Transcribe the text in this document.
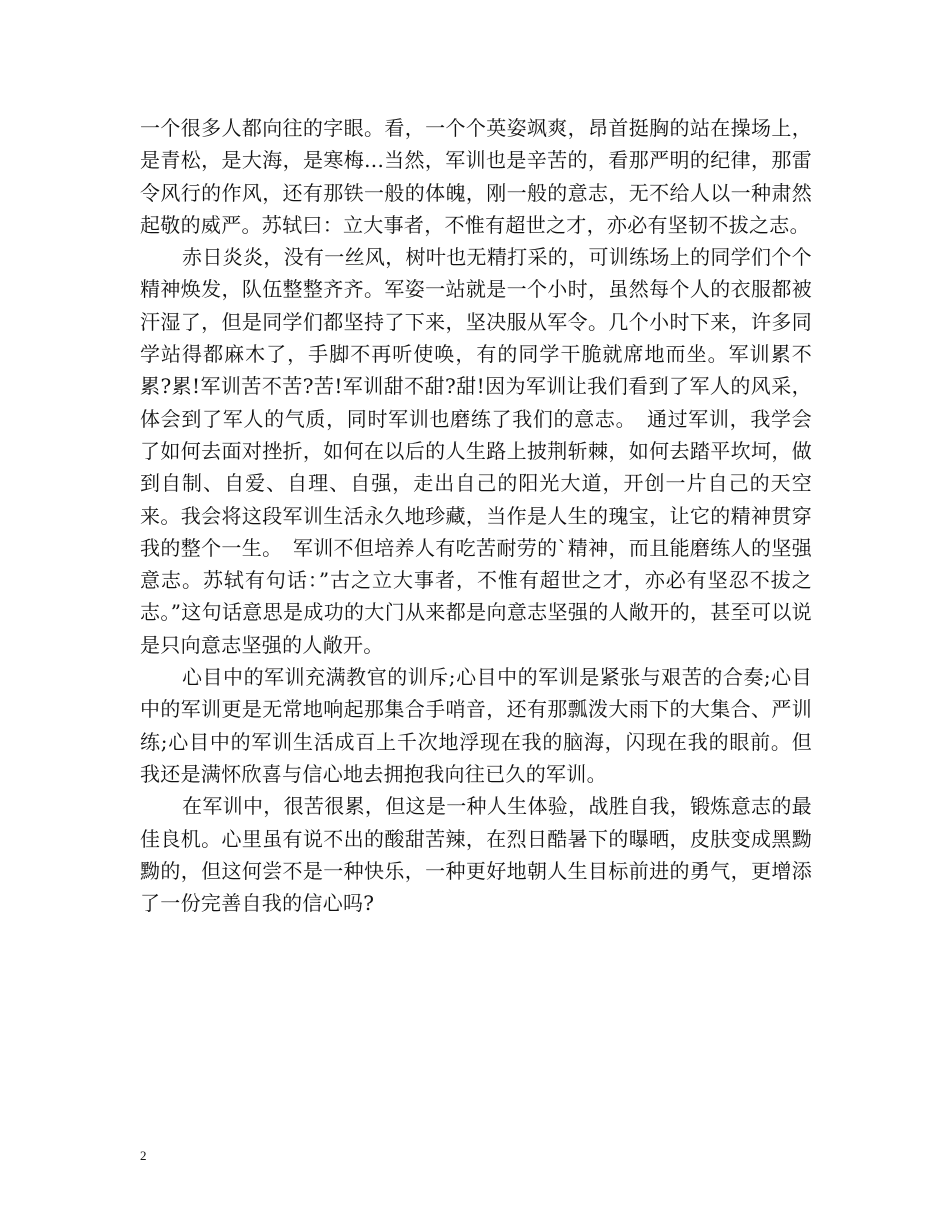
一个很多人都向往的字眼。看，一个个英姿飒爽，昂首挺胸的站在操场上，是青松，是大海，是寒梅...当然，军训也是辛苦的，看那严明的纪律，那雷令风行的作风，还有那铁一般的体魄，刚一般的意志，无不给人以一种肃然起敬的威严。苏轼曰：立大事者，不惟有超世之才，亦必有坚韧不拔之志。

赤日炎炎，没有一丝风，树叶也无精打采的，可训练场上的同学们个个精神焕发，队伍整整齐齐。军姿一站就是一个小时，虽然每个人的衣服都被汗湿了，但是同学们都坚持了下来，坚决服从军令。几个小时下来，许多同学站得都麻木了，手脚不再听使唤，有的同学干脆就席地而坐。军训累不累?累!军训苦不苦?苦!军训甜不甜?甜!因为军训让我们看到了军人的风采，体会到了军人的气质，同时军训也磨练了我们的意志。　通过军训，我学会了如何去面对挫折，如何在以后的人生路上披荆斩棘，如何去踏平坎坷，做到自制、自爱、自理、自强，走出自己的阳光大道，开创一片自己的天空来。我会将这段军训生活永久地珍藏，当作是人生的瑰宝，让它的精神贯穿我的整个一生。　军训不但培养人有吃苦耐劳的`精神，而且能磨练人的坚强意志。苏轼有句话：”古之立大事者，不惟有超世之才，亦必有坚忍不拔之志。”这句话意思是成功的大门从来都是向意志坚强的人敞开的，甚至可以说是只向意志坚强的人敞开。

心目中的军训充满教官的训斥;心目中的军训是紧张与艰苦的合奏;心目中的军训更是无常地响起那集合手哨音，还有那瓢泼大雨下的大集合、严训练;心目中的军训生活成百上千次地浮现在我的脑海，闪现在我的眼前。但我还是满怀欣喜与信心地去拥抱我向往已久的军训。

在军训中，很苦很累，但这是一种人生体验，战胜自我，锻炼意志的最佳良机。心里虽有说不出的酸甜苦辣，在烈日酷暑下的曝晒，皮肤变成黑黝黝的，但这何尝不是一种快乐，一种更好地朝人生目标前进的勇气，更增添了一份完善自我的信心吗?

2
